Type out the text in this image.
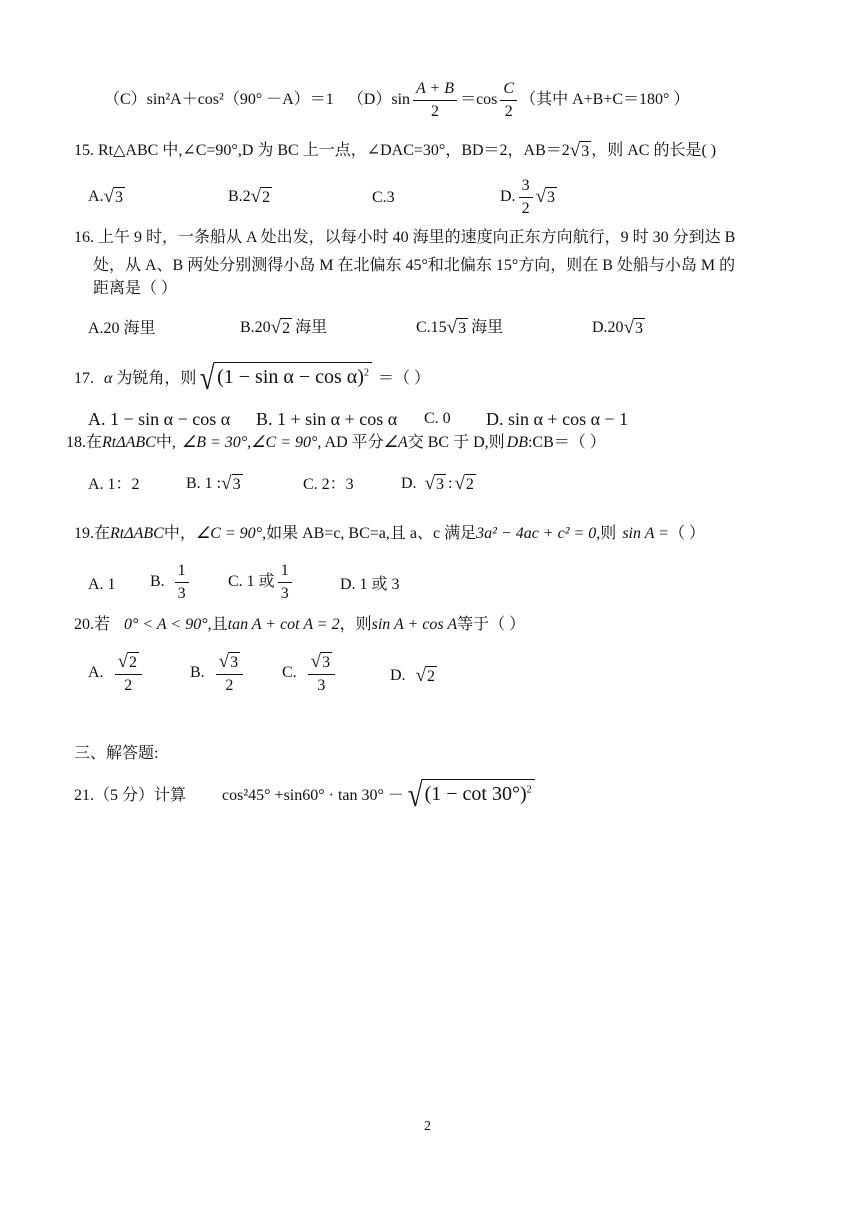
（C）sin²A＋cos²（90° －A）＝1 $(D)\sin \frac{A + B}{2} =\cos \frac{C}{2}$ （其中 A+B+C＝180° ）
15. Rt△ABC 中,∠C=90°,D 为 BC 上一点，∠DAC=30°，BD＝2，AB＝2 √ 3 ，则 AC 的长是( )
A. √ 3	B.2 √ 2	C.3	D. $\frac{3}{2}$ √ 3
16. 上午 9 时，一条船从 A 处出发，以每小时 40 海里的速度向正东方向航行，9 时 30 分到达 B
处，从 A、B 两处分别测得小岛 M 在北偏东 45°和北偏东 15°方向，则在 B 处船与小岛 M 的
距离是（ ）
A.20 海里	B.20 √ 2 海里	C.15 √ 3 海里	D.20 √ 3
17. α 为锐角，则 √ $(1 - \sin \alpha - \cos \alpha)^2$ ＝（ ）
A. 1 − sin α − cos α B. 1 + sin α + cos α C. 0 D. sin α + cos α − 1
18.在 RtΔABC 中, ∠B = 30° ,∠C = 90° , AD 平分 ∠A 交 BC 于 D,则 DB :CB＝（ ）
A. 1：2	B. 1 : √ 3	C. 2：3	D. √ 3 : √ 2
19.在 RtΔABC 中， ∠C = 90° ,如果 AB=c, BC=a,且 a、c 满足 3a² − 4ac + c² = 0 ,则 sin A = （ ）
A. 1 B. $\frac{1}{3} C$. 1 或 $\frac{1}{3}$	D. 1 或 3
20.若 0° < A < 90° ,且 tan A + cot A = 2 ，则 sin A + cos A 等于（ ）
A. $\frac{√ 2}{2}$	B. $\frac{√ 3}{2} C$. $\frac{√ 3}{3}$	D. √ 2
三、解答题:
21.（5 分）计算 cos²45° +sin60° · tan 30° － √ $(1 - \cot 30^\circ)^2$
2
